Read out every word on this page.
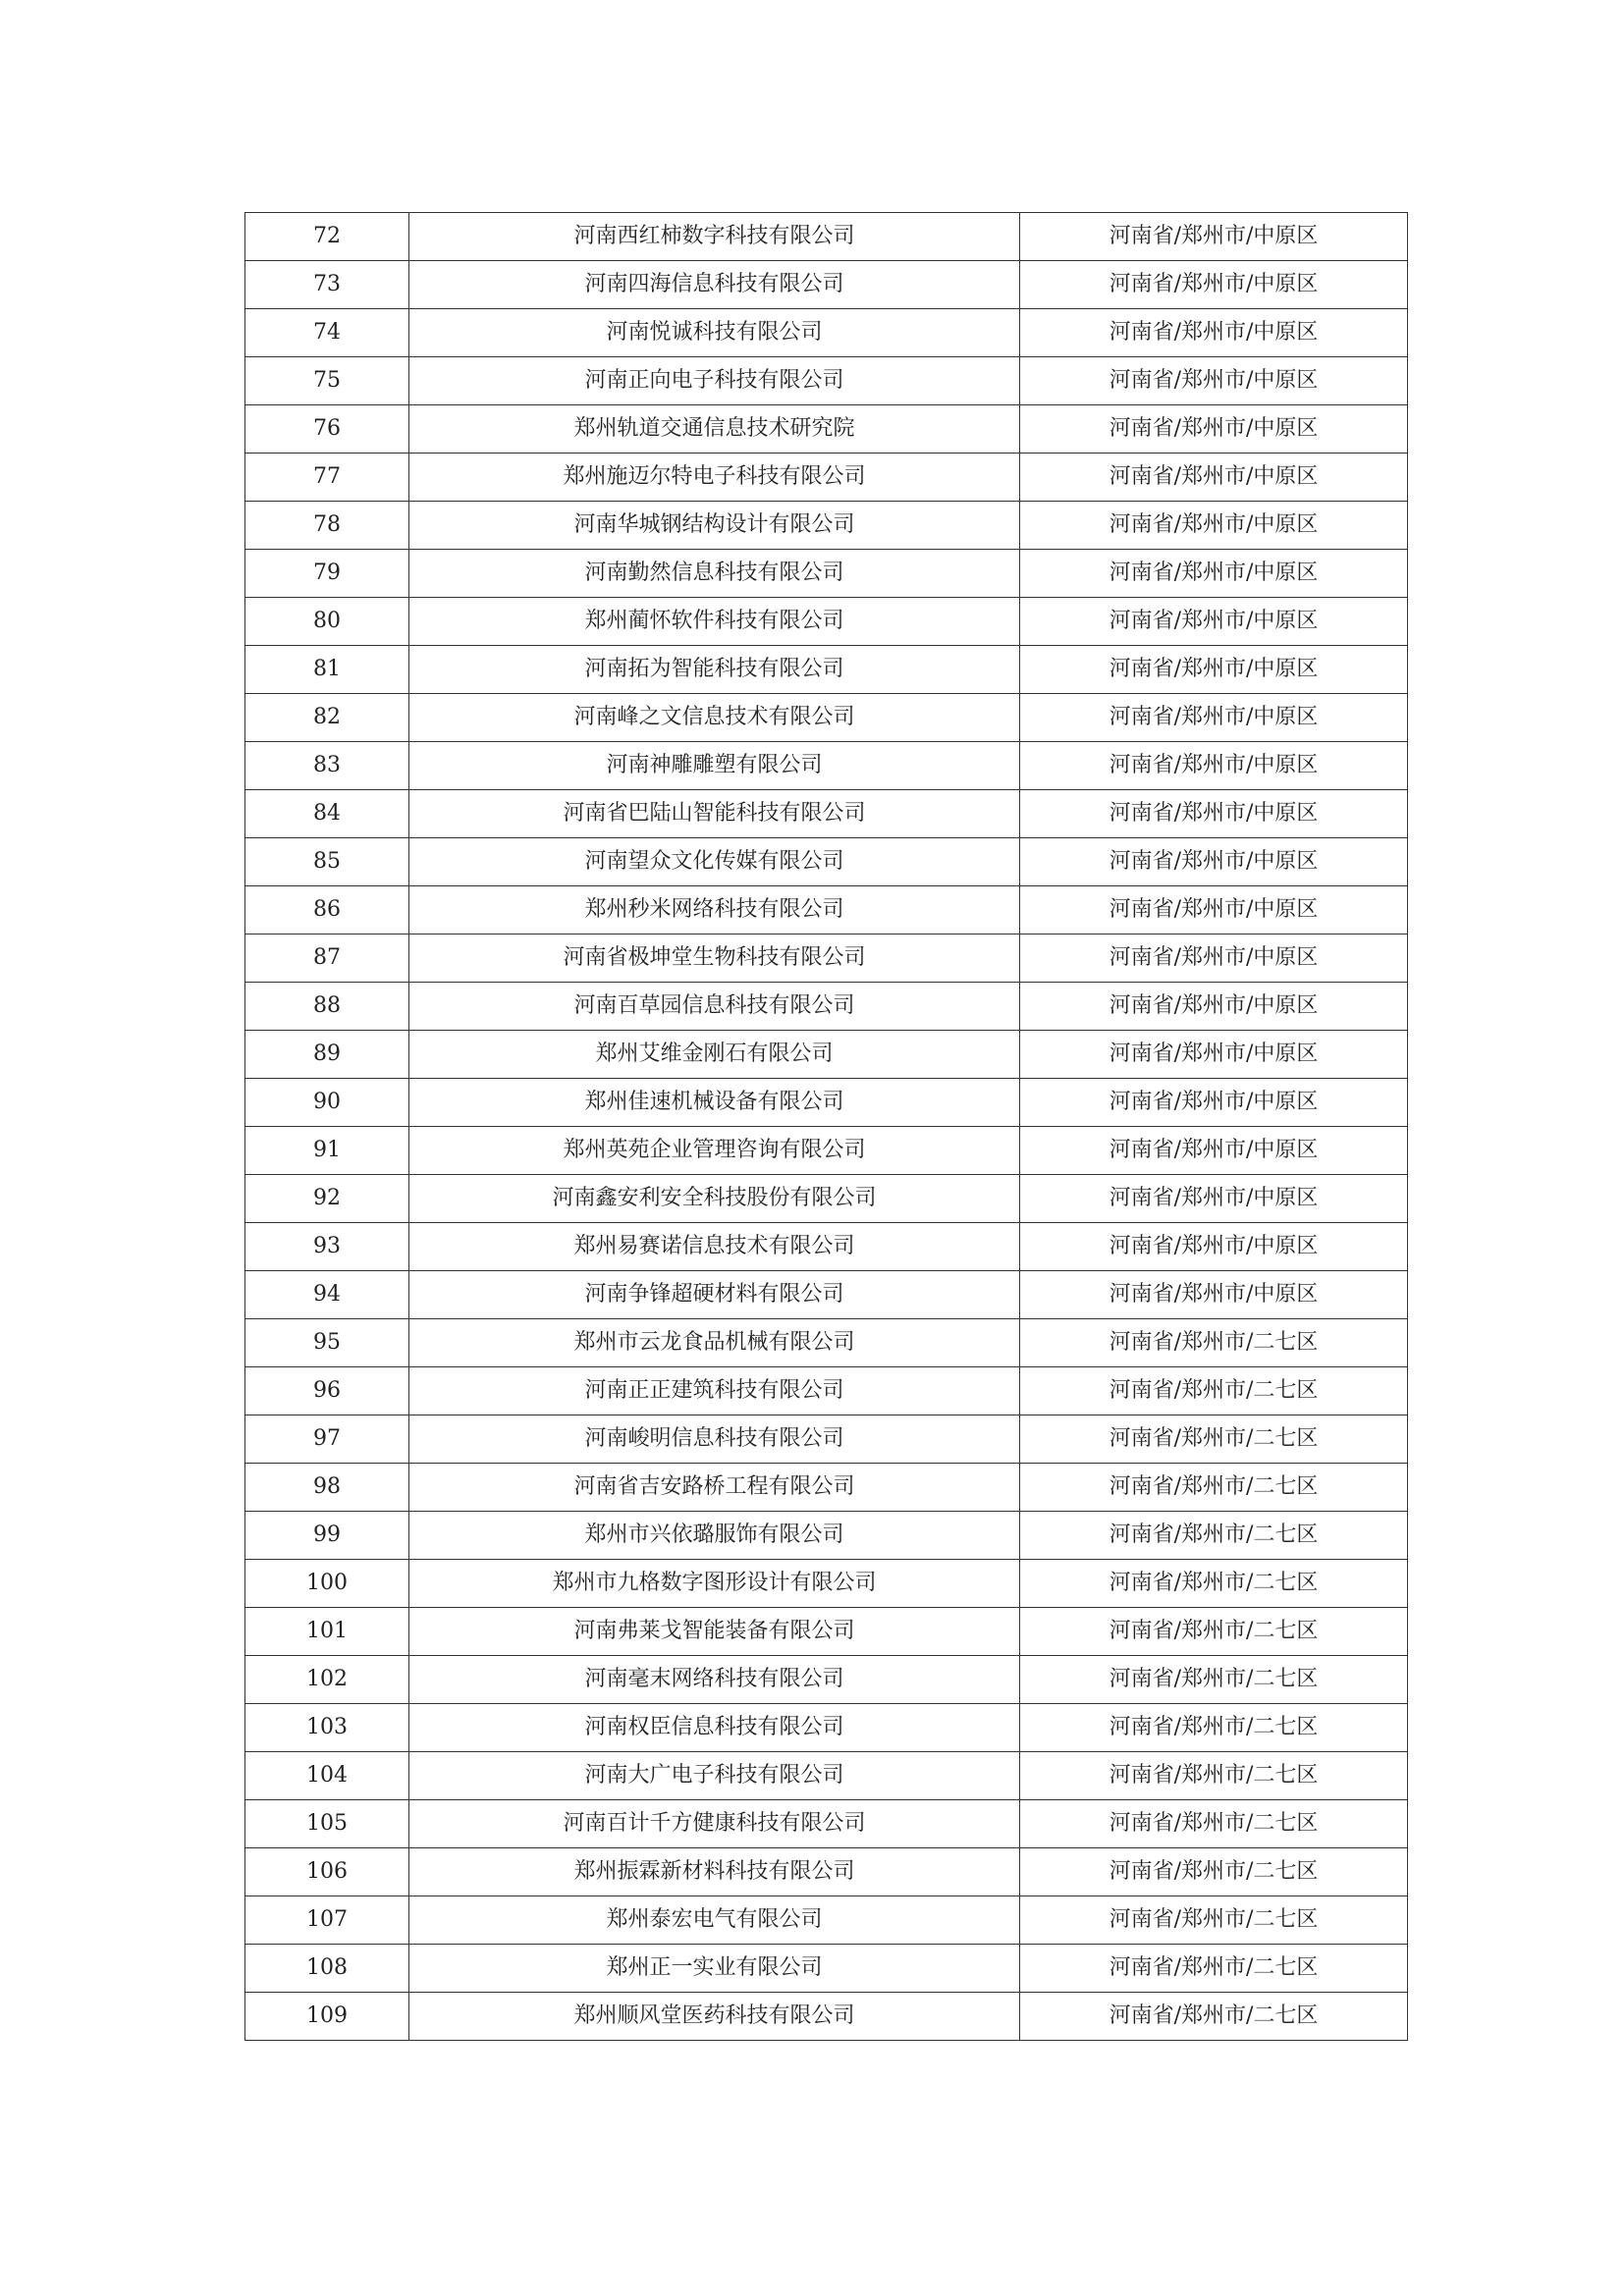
72	河南西红柿数字科技有限公司	河南省/郑州市/中原区
73	河南四海信息科技有限公司	河南省/郑州市/中原区
74	河南悦诚科技有限公司	河南省/郑州市/中原区
75	河南正向电子科技有限公司	河南省/郑州市/中原区
76	郑州轨道交通信息技术研究院	河南省/郑州市/中原区
77	郑州施迈尔特电子科技有限公司	河南省/郑州市/中原区
78	河南华城钢结构设计有限公司	河南省/郑州市/中原区
79	河南勤然信息科技有限公司	河南省/郑州市/中原区
80	郑州蔺怀软件科技有限公司	河南省/郑州市/中原区
81	河南拓为智能科技有限公司	河南省/郑州市/中原区
82	河南峰之文信息技术有限公司	河南省/郑州市/中原区
83	河南神雕雕塑有限公司	河南省/郑州市/中原区
84	河南省巴陆山智能科技有限公司	河南省/郑州市/中原区
85	河南望众文化传媒有限公司	河南省/郑州市/中原区
86	郑州秒米网络科技有限公司	河南省/郑州市/中原区
87	河南省极坤堂生物科技有限公司	河南省/郑州市/中原区
88	河南百草园信息科技有限公司	河南省/郑州市/中原区
89	郑州艾维金刚石有限公司	河南省/郑州市/中原区
90	郑州佳速机械设备有限公司	河南省/郑州市/中原区
91	郑州英苑企业管理咨询有限公司	河南省/郑州市/中原区
92	河南鑫安利安全科技股份有限公司	河南省/郑州市/中原区
93	郑州易赛诺信息技术有限公司	河南省/郑州市/中原区
94	河南争锋超硬材料有限公司	河南省/郑州市/中原区
95	郑州市云龙食品机械有限公司	河南省/郑州市/二七区
96	河南正正建筑科技有限公司	河南省/郑州市/二七区
97	河南峻明信息科技有限公司	河南省/郑州市/二七区
98	河南省吉安路桥工程有限公司	河南省/郑州市/二七区
99	郑州市兴依璐服饰有限公司	河南省/郑州市/二七区
100	郑州市九格数字图形设计有限公司	河南省/郑州市/二七区
101	河南弗莱戈智能装备有限公司	河南省/郑州市/二七区
102	河南毫末网络科技有限公司	河南省/郑州市/二七区
103	河南权臣信息科技有限公司	河南省/郑州市/二七区
104	河南大广电子科技有限公司	河南省/郑州市/二七区
105	河南百计千方健康科技有限公司	河南省/郑州市/二七区
106	郑州振霖新材料科技有限公司	河南省/郑州市/二七区
107	郑州泰宏电气有限公司	河南省/郑州市/二七区
108	郑州正一实业有限公司	河南省/郑州市/二七区
109	郑州顺风堂医药科技有限公司	河南省/郑州市/二七区
